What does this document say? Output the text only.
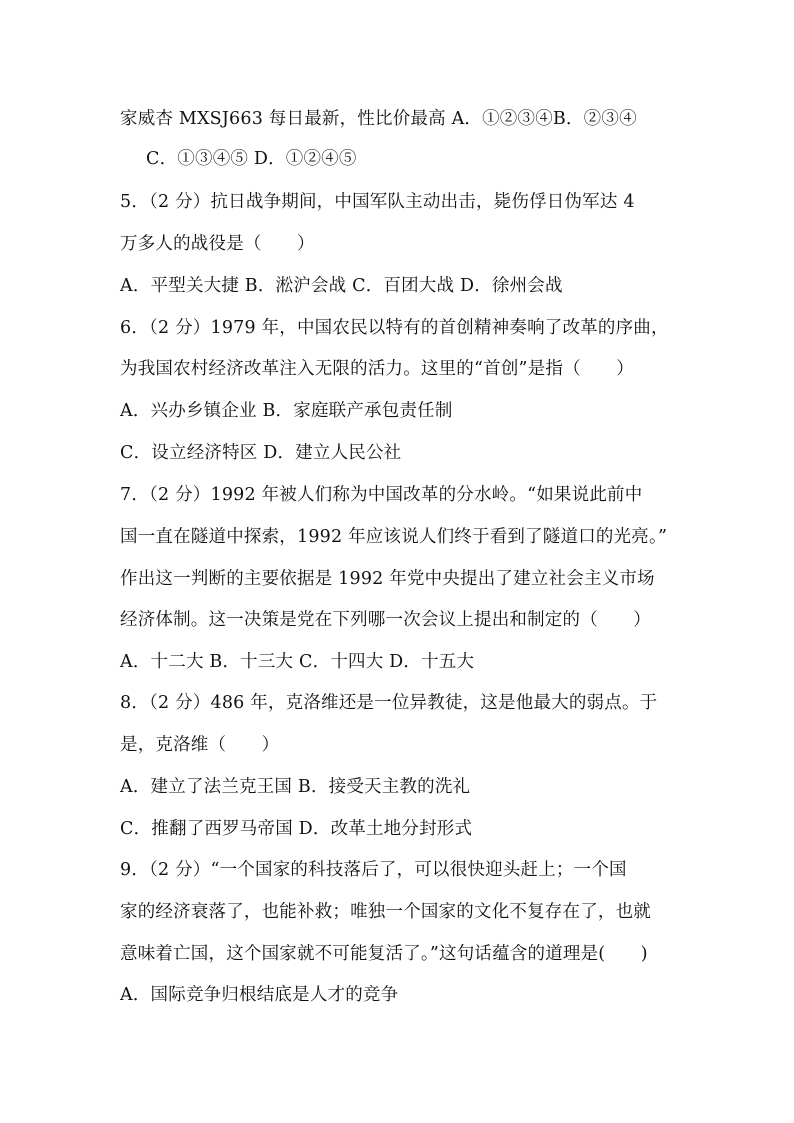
家威杏 MXSJ663 每日最新，性比价最高 A．①②③④B．②③④
C．①③④⑤ D．①②④⑤
5．（2 分）抗日战争期间，中国军队主动出击，毙伤俘日伪军达 4
万多人的战役是（　　）
A．平型关大捷 B．淞沪会战 C．百团大战 D．徐州会战
6．（2 分）1979 年，中国农民以特有的首创精神奏响了改革的序曲，
为我国农村经济改革注入无限的活力。这里的“首创”是指（　　）
A．兴办乡镇企业 B．家庭联产承包责任制
C．设立经济特区 D．建立人民公社
7．（2 分）1992 年被人们称为中国改革的分水岭。“如果说此前中
国一直在隧道中探索，1992 年应该说人们终于看到了隧道口的光亮。”
作出这一判断的主要依据是 1992 年党中央提出了建立社会主义市场
经济体制。这一决策是党在下列哪一次会议上提出和制定的（　　）
A．十二大 B．十三大 C．十四大 D．十五大
8．（2 分）486 年，克洛维还是一位异教徒，这是他最大的弱点。于
是，克洛维（　　）
A．建立了法兰克王国 B．接受天主教的洗礼
C．推翻了西罗马帝国 D．改革土地分封形式
9．（2 分）“一个国家的科技落后了，可以很快迎头赶上；一个国
家的经济衰落了，也能补救；唯独一个国家的文化不复存在了，也就
意味着亡国，这个国家就不可能复活了。”这句话蕴含的道理是(　　)
A．国际竞争归根结底是人才的竞争
